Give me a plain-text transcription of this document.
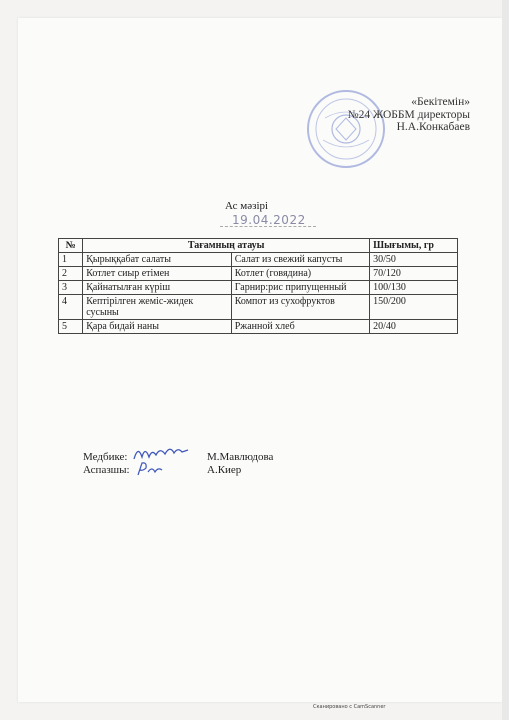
«Бекітемін»
№24 ЖОББМ директоры
Н.А.Конкабаев
Ас мәзірі
19.04.2022
№	Тағамның атауы		Шығымы, гр
1	Қырыққабат салаты	Салат из свежий капусты	30/50
2	Котлет сиыр етімен	Котлет (говядина)	70/120
3	Қайнатылған күріш	Гарнир:рис припущенный	100/130
4	Кептірілген жеміс-жидек сусыны	Компот из сухофруктов	150/200
5	Қара бидай наны	Ржанной хлеб	20/40
Медбике:	М.Мавлюдова
Аспазшы:	А.Киер
Сканировано с CamScanner
